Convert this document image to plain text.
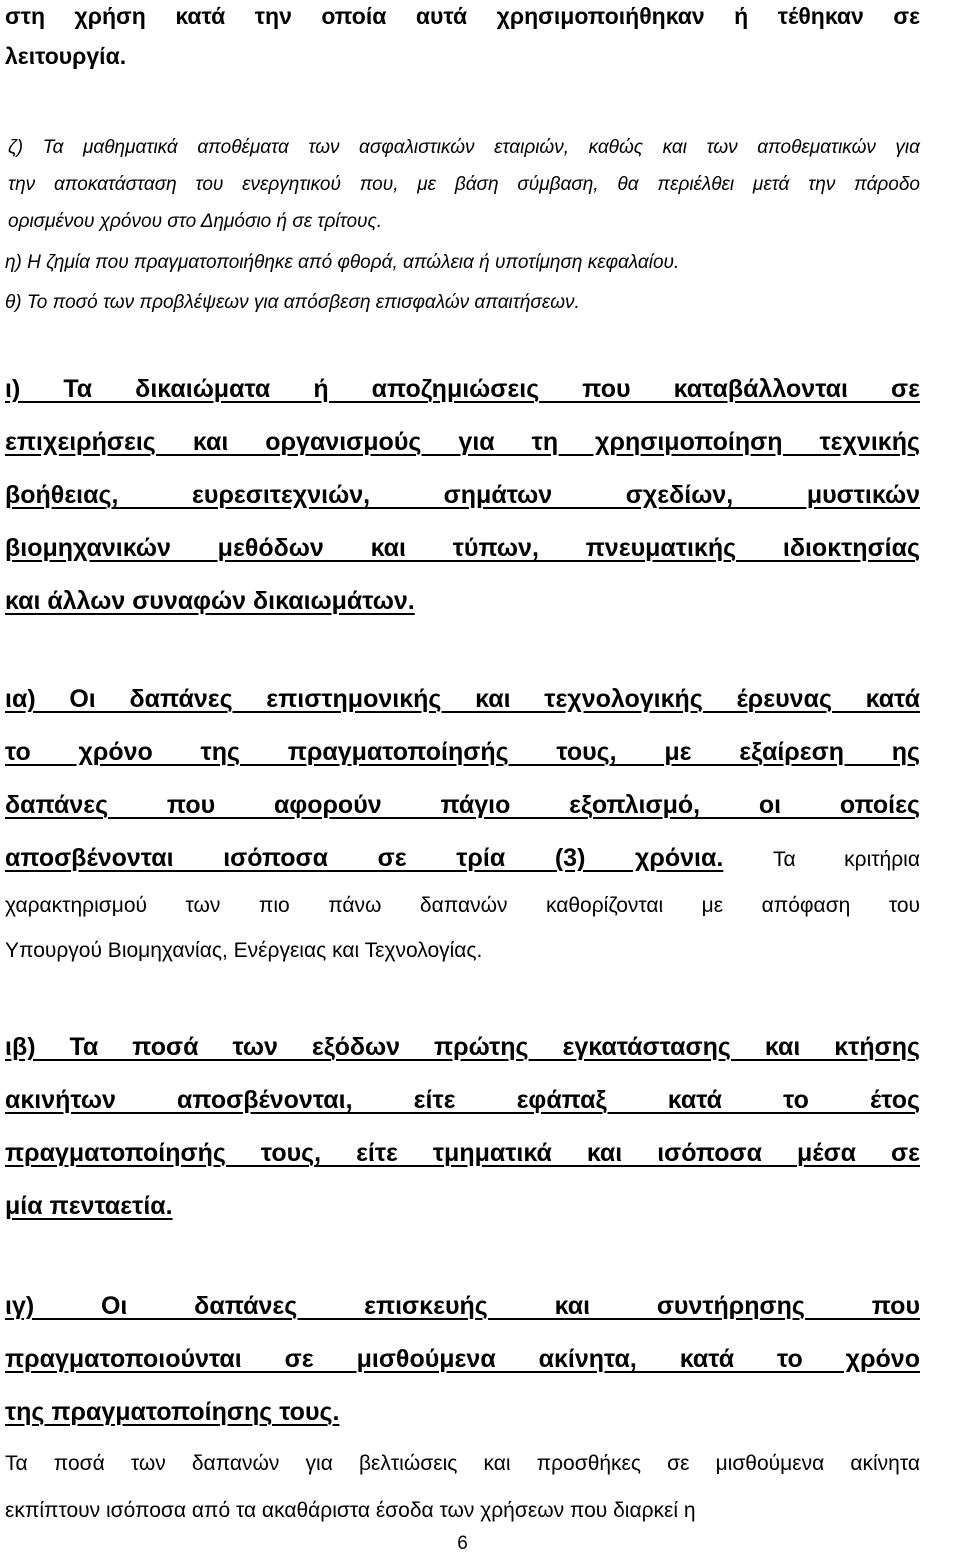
στη χρήση κατά την οποία αυτά χρησιμοποιήθηκαν ή τέθηκαν σε
λειτουργία.
ζ) Τα μαθηματικά αποθέματα των ασφαλιστικών εταιριών, καθώς και των αποθεματικών για
την αποκατάσταση του ενεργητικού που, με βάση σύμβαση, θα περιέλθει μετά την πάροδο
ορισμένου χρόνου στο Δημόσιο ή σε τρίτους.
η) Η ζημία που πραγματοποιήθηκε από φθορά, απώλεια ή υποτίμηση κεφαλαίου.
θ) Το ποσό των προβλέψεων για απόσβεση επισφαλών απαιτήσεων.
ι) Τα δικαιώματα ή αποζημιώσεις που καταβάλλονται σε
επιχειρήσεις και οργανισμούς για τη χρησιμοποίηση τεχνικής
βοήθειας, ευρεσιτεχνιών, σημάτων σχεδίων, μυστικών
βιομηχανικών μεθόδων και τύπων, πνευματικής ιδιοκτησίας
και άλλων συναφών δικαιωμάτων.
ια) Οι δαπάνες επιστημονικής και τεχνολογικής έρευνας κατά
το χρόνο της πραγματοποίησής τους, με εξαίρεση ης
δαπάνες που αφορούν πάγιο εξοπλισμό, οι οποίες
αποσβένονται ισόποσα σε τρία (3) χρόνια. Τα κριτήρια
χαρακτηρισμού των πιο πάνω δαπανών καθορίζονται με απόφαση του
Υπουργού Βιομηχανίας, Ενέργειας και Τεχνολογίας.
ιβ) Τα ποσά των εξόδων πρώτης εγκατάστασης και κτήσης
ακινήτων αποσβένονται, είτε εφάπαξ κατά το έτος
πραγματοποίησής τους, είτε τμηματικά και ισόποσα μέσα σε
μία πενταετία.
ιγ) Οι δαπάνες επισκευής και συντήρησης που
πραγματοποιούνται σε μισθούμενα ακίνητα, κατά το χρόνο
της πραγματοποίησης τους.
Τα ποσά των δαπανών για βελτιώσεις και προσθήκες σε μισθούμενα ακίνητα
εκπίπτουν ισόποσα από τα ακαθάριστα έσοδα των χρήσεων που διαρκεί η
6
